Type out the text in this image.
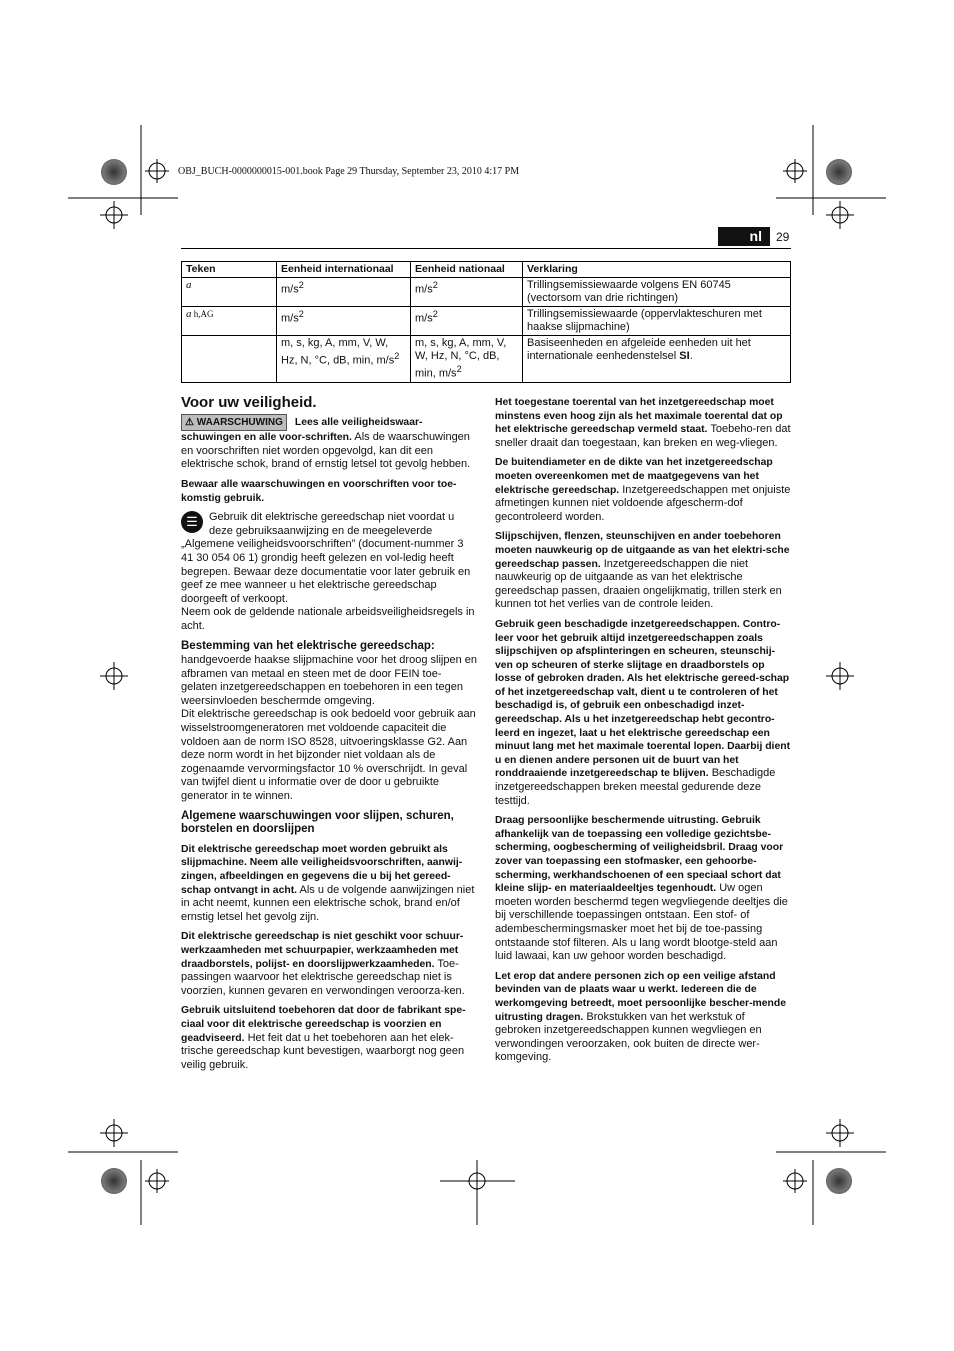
OBJ_BUCH-0000000015-001.book Page 29 Thursday, September 23, 2010 4:17 PM
nl	29
Teken	Eenheid internationaal	Eenheid nationaal	Verklaring
a	$m/s^2$	$m/s^2$	Trillingsemissiewaarde volgens EN 60745 (vectorsom van drie richtingen)
a h,AG	$m/s^2$	$m/s^2$	Trillingsemissiewaarde (oppervlakteschuren met haakse slijpmachine)
	m, s, kg, A, mm, V, W, Hz, N, °C, dB, min, $m/s^2$	m, s, kg, A, mm, V, W, Hz, N, °C, dB, min, $m/s^2$	Basiseenheden en afgeleide eenheden uit het internationale eenhedenstelsel SI.
Voor uw veiligheid.

⚠ WAARSCHUWING Lees alle veiligheidswaar-schuwingen en alle voor-schriften. Als de waarschuwingen en voorschriften niet worden opgevolgd, kan dit een elektrische schok, brand of ernstig letsel tot gevolg hebben.

Bewaar alle waarschuwingen en voorschriften voor toe-komstig gebruik.

☰	Gebruik dit elektrische gereedschap niet voordat u deze gebruiksaanwijzing en de meegeleverde „Algemene veiligheidsvoorschriften” (document-nummer 3 41 30 054 06 1) grondig heeft gelezen en vol-ledig heeft begrepen. Bewaar deze documentatie voor later gebruik en geef ze mee wanneer u het elektrische gereedschap doorgeeft of verkoopt.

Neem ook de geldende nationale arbeidsveiligheidsregels in acht.

Bestemming van het elektrische gereedschap:

handgevoerde haakse slijpmachine voor het droog slijpen en afbramen van metaal en steen met de door FEIN toe-gelaten inzetgereedschappen en toebehoren in een tegen weersinvloeden beschermde omgeving.

Dit elektrische gereedschap is ook bedoeld voor gebruik aan wisselstroomgeneratoren met voldoende capaciteit die voldoen aan de norm ISO 8528, uitvoeringsklasse G2. Aan deze norm wordt in het bijzonder niet voldaan als de zogenaamde vervormingsfactor 10 % overschrijdt. In geval van twijfel dient u informatie over de door u gebruikte generator in te winnen.

Algemene waarschuwingen voor slijpen, schuren, borstelen en doorslijpen

Dit elektrische gereedschap moet worden gebruikt als slijpmachine. Neem alle veiligheidsvoorschriften, aanwij-zingen, afbeeldingen en gegevens die u bij het gereed-schap ontvangt in acht. Als u de volgende aanwijzingen niet in acht neemt, kunnen een elektrische schok, brand en/of ernstig letsel het gevolg zijn.

Dit elektrische gereedschap is niet geschikt voor schuur-werkzaamheden met schuurpapier, werkzaamheden met draadborstels, polijst- en doorslijpwerkzaamheden. Toe-passingen waarvoor het elektrische gereedschap niet is voorzien, kunnen gevaren en verwondingen veroorza-ken.

Gebruik uitsluitend toebehoren dat door de fabrikant spe-ciaal voor dit elektrische gereedschap is voorzien en geadviseerd. Het feit dat u het toebehoren aan het elek-trische gereedschap kunt bevestigen, waarborgt nog geen veilig gebruik.

Het toegestane toerental van het inzetgereedschap moet minstens even hoog zijn als het maximale toerental dat op het elektrische gereedschap vermeld staat. Toebeho-ren dat sneller draait dan toegestaan, kan breken en weg-vliegen.

De buitendiameter en de dikte van het inzetgereedschap moeten overeenkomen met de maatgegevens van het elektrische gereedschap. Inzetgereedschappen met onjuiste afmetingen kunnen niet voldoende afgescherm-dof gecontroleerd worden.

Slijpschijven, flenzen, steunschijven en ander toebehoren moeten nauwkeurig op de uitgaande as van het elektri-sche gereedschap passen. Inzetgereedschappen die niet nauwkeurig op de uitgaande as van het elektrische gereedschap passen, draaien ongelijkmatig, trillen sterk en kunnen tot het verlies van de controle leiden.

Gebruik geen beschadigde inzetgereedschappen. Contro-leer voor het gebruik altijd inzetgereedschappen zoals slijpschijven op afsplinteringen en scheuren, steunschij-ven op scheuren of sterke slijtage en draadborstels op losse of gebroken draden. Als het elektrische gereed-schap of het inzetgereedschap valt, dient u te controleren of het beschadigd is, of gebruik een onbeschadigd inzet-gereedschap. Als u het inzetgereedschap hebt gecontro-leerd en ingezet, laat u het elektrische gereedschap een minuut lang met het maximale toerental lopen. Daarbij dient u en dienen andere personen uit de buurt van het ronddraaiende inzetgereedschap te blijven. Beschadigde inzetgereedschappen breken meestal gedurende deze testtijd.

Draag persoonlijke beschermende uitrusting. Gebruik afhankelijk van de toepassing een volledige gezichtsbe-scherming, oogbescherming of veiligheidsbril. Draag voor zover van toepassing een stofmasker, een gehoorbe-scherming, werkhandschoenen of een speciaal schort dat kleine slijp- en materiaaldeeltjes tegenhoudt. Uw ogen moeten worden beschermd tegen wegvliegende deeltjes die bij verschillende toepassingen ontstaan. Een stof- of adembeschermingsmasker moet het bij de toe-passing ontstaande stof filteren. Als u lang wordt blootge-steld aan luid lawaai, kan uw gehoor worden beschadigd.

Let erop dat andere personen zich op een veilige afstand bevinden van de plaats waar u werkt. Iedereen die de werkomgeving betreedt, moet persoonlijke bescher-mende uitrusting dragen. Brokstukken van het werkstuk of gebroken inzetgereedschappen kunnen wegvliegen en verwondingen veroorzaken, ook buiten de directe wer-komgeving.
